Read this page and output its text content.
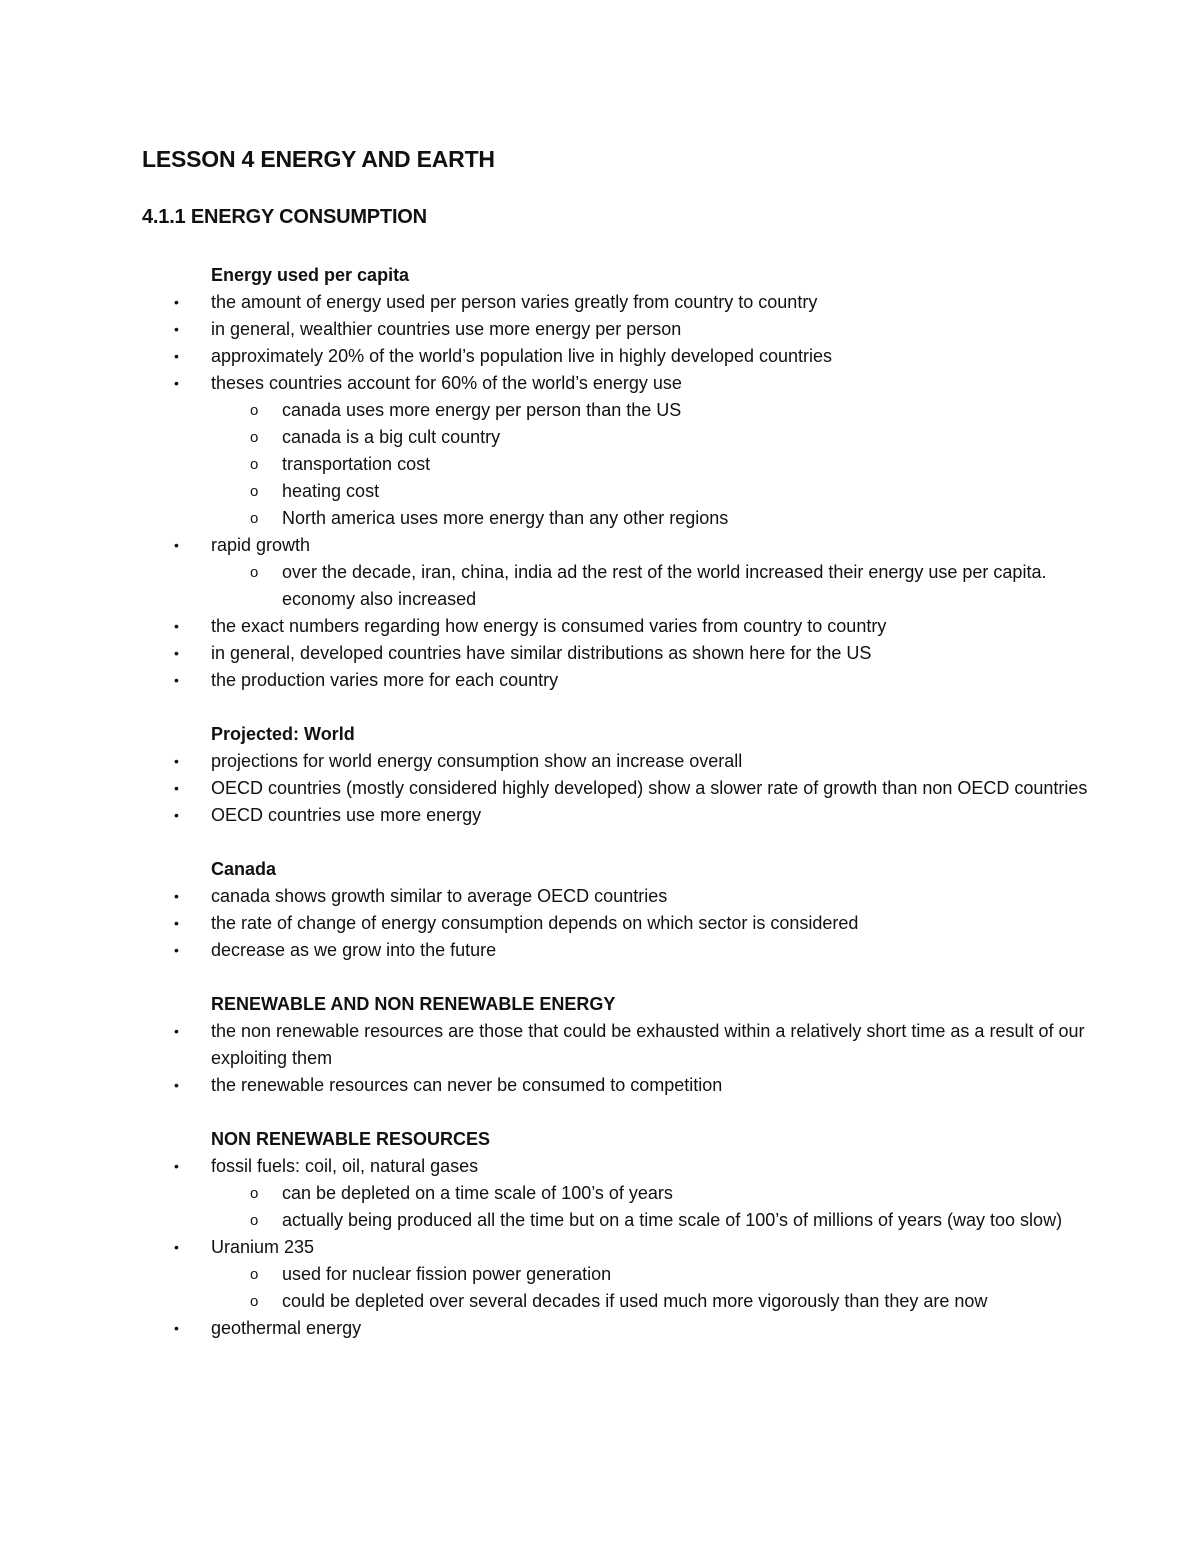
LESSON 4 ENERGY AND EARTH
4.1.1 ENERGY CONSUMPTION
Energy used per capita
• the amount of energy used per person varies greatly from country to country
• in general, wealthier countries use more energy per person
• approximately 20% of the world’s population live in highly developed countries
• theses countries account for 60% of the world’s energy use
o canada uses more energy per person than the US
o canada is a big cult country
o transportation cost
o heating cost
o North america uses more energy than any other regions
• rapid growth
o over the decade, iran, china, india ad the rest of the world increased their energy use per capita. economy also increased
• the exact numbers regarding how energy is consumed varies from country to country
• in general, developed countries have similar distributions as shown here for the US
• the production varies more for each country
Projected: World
• projections for world energy consumption show an increase overall
• OECD countries (mostly considered highly developed) show a slower rate of growth than non OECD countries
• OECD countries use more energy
Canada
• canada shows growth similar to average OECD countries
• the rate of change of energy consumption depends on which sector is considered
• decrease as we grow into the future
RENEWABLE AND NON RENEWABLE ENERGY
• the non renewable resources are those that could be exhausted within a relatively short time as a result of our exploiting them
• the renewable resources can never be consumed to competition
NON RENEWABLE RESOURCES
• fossil fuels: coil, oil, natural gases
o can be depleted on a time scale of 100’s of years
o actually being produced all the time but on a time scale of 100’s of millions of years (way too slow)
• Uranium 235
o used for nuclear fission power generation
o could be depleted over several decades if used much more vigorously than they are now
• geothermal energy
